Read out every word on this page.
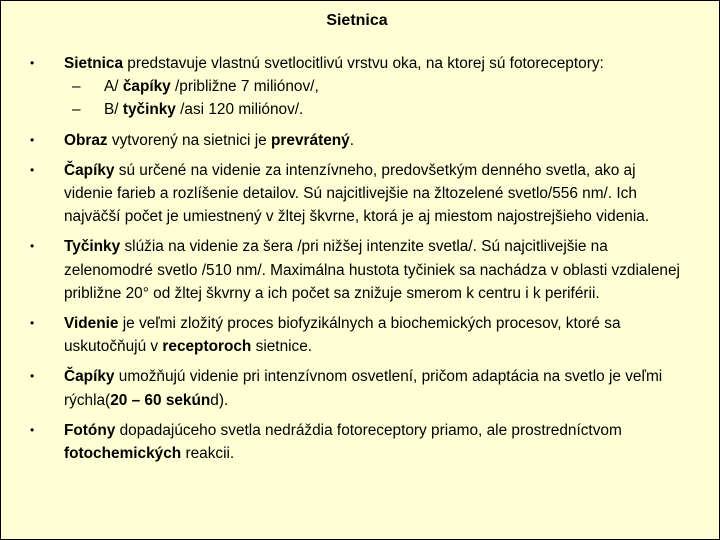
Sietnica
• Sietnica predstavuje vlastnú svetlocitlivú vrstvu oka, na ktorej sú fotoreceptory:
– A/ čapíky /približne 7 miliónov/,
– B/ tyčinky /asi 120 miliónov/.
• Obraz vytvorený na sietnici je prevrátený.
• Čapíky sú určené na videnie za intenzívneho, predovšetkým denného svetla, ako aj videnie farieb a rozlíšenie detailov. Sú najcitlivejšie na žltozelené svetlo/556 nm/. Ich najväčší počet je umiestnený v žltej škvrne, ktorá je aj miestom najostrejšieho videnia.
• Tyčinky slúžia na videnie za šera /pri nižšej intenzite svetla/. Sú najcitlivejšie na zelenomodré svetlo /510 nm/. Maximálna hustota tyčiniek sa nachádza v oblasti vzdialenej približne 20° od žltej škvrny a ich počet sa znižuje smerom k centru i k periférii.
• Videnie je veľmi zložitý proces biofyzikálnych a biochemických procesov, ktoré sa uskutočňujú v receptoroch sietnice.
• Čapíky umožňujú videnie pri intenzívnom osvetlení, pričom adaptácia na svetlo je veľmi rýchla(20 – 60 sekúnd).
• Fotóny dopadajúceho svetla nedráždia fotoreceptory priamo, ale prostredníctvom fotochemických reakcii.
